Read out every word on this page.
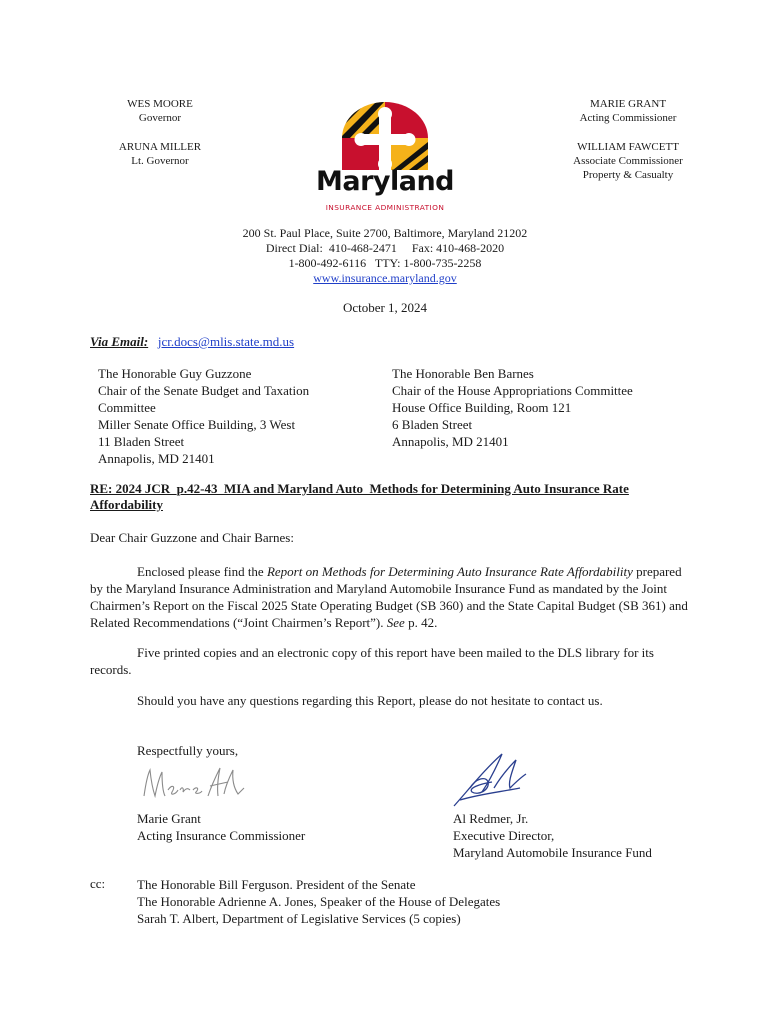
WES MOORE
Governor
ARUNA MILLER
Lt. Governor
MARIE GRANT
Acting Commissioner
WILLIAM FAWCETT
Associate Commissioner
Property & Casualty
Maryland
INSURANCE ADMINISTRATION
200 St. Paul Place, Suite 2700, Baltimore, Maryland 21202
Direct Dial:  410-468-2471     Fax: 410-468-2020
1-800-492-6116   TTY: 1-800-735-2258
www.insurance.maryland.gov
October 1, 2024
Via Email: jcr.docs@mlis.state.md.us
The Honorable Guy Guzzone
Chair of the Senate Budget and Taxation
Committee
Miller Senate Office Building, 3 West
11 Bladen Street
Annapolis, MD 21401
The Honorable Ben Barnes
Chair of the House Appropriations Committee
House Office Building, Room 121
6 Bladen Street
Annapolis, MD 21401
RE: 2024 JCR_p.42-43_MIA and Maryland Auto_Methods for Determining Auto Insurance Rate Affordability
Dear Chair Guzzone and Chair Barnes:
Enclosed please find the Report on Methods for Determining Auto Insurance Rate Affordability prepared by the Maryland Insurance Administration and Maryland Automobile Insurance Fund as mandated by the Joint Chairmen’s Report on the Fiscal 2025 State Operating Budget (SB 360) and the State Capital Budget (SB 361) and Related Recommendations (“Joint Chairmen’s Report”). See p. 42.
Five printed copies and an electronic copy of this report have been mailed to the DLS library for its records.
Should you have any questions regarding this Report, please do not hesitate to contact us.
Respectfully yours,
Marie Grant
Acting Insurance Commissioner
Al Redmer, Jr.
Executive Director,
Maryland Automobile Insurance Fund
cc: The Honorable Bill Ferguson. President of the Senate
The Honorable Adrienne A. Jones, Speaker of the House of Delegates
Sarah T. Albert, Department of Legislative Services (5 copies)
